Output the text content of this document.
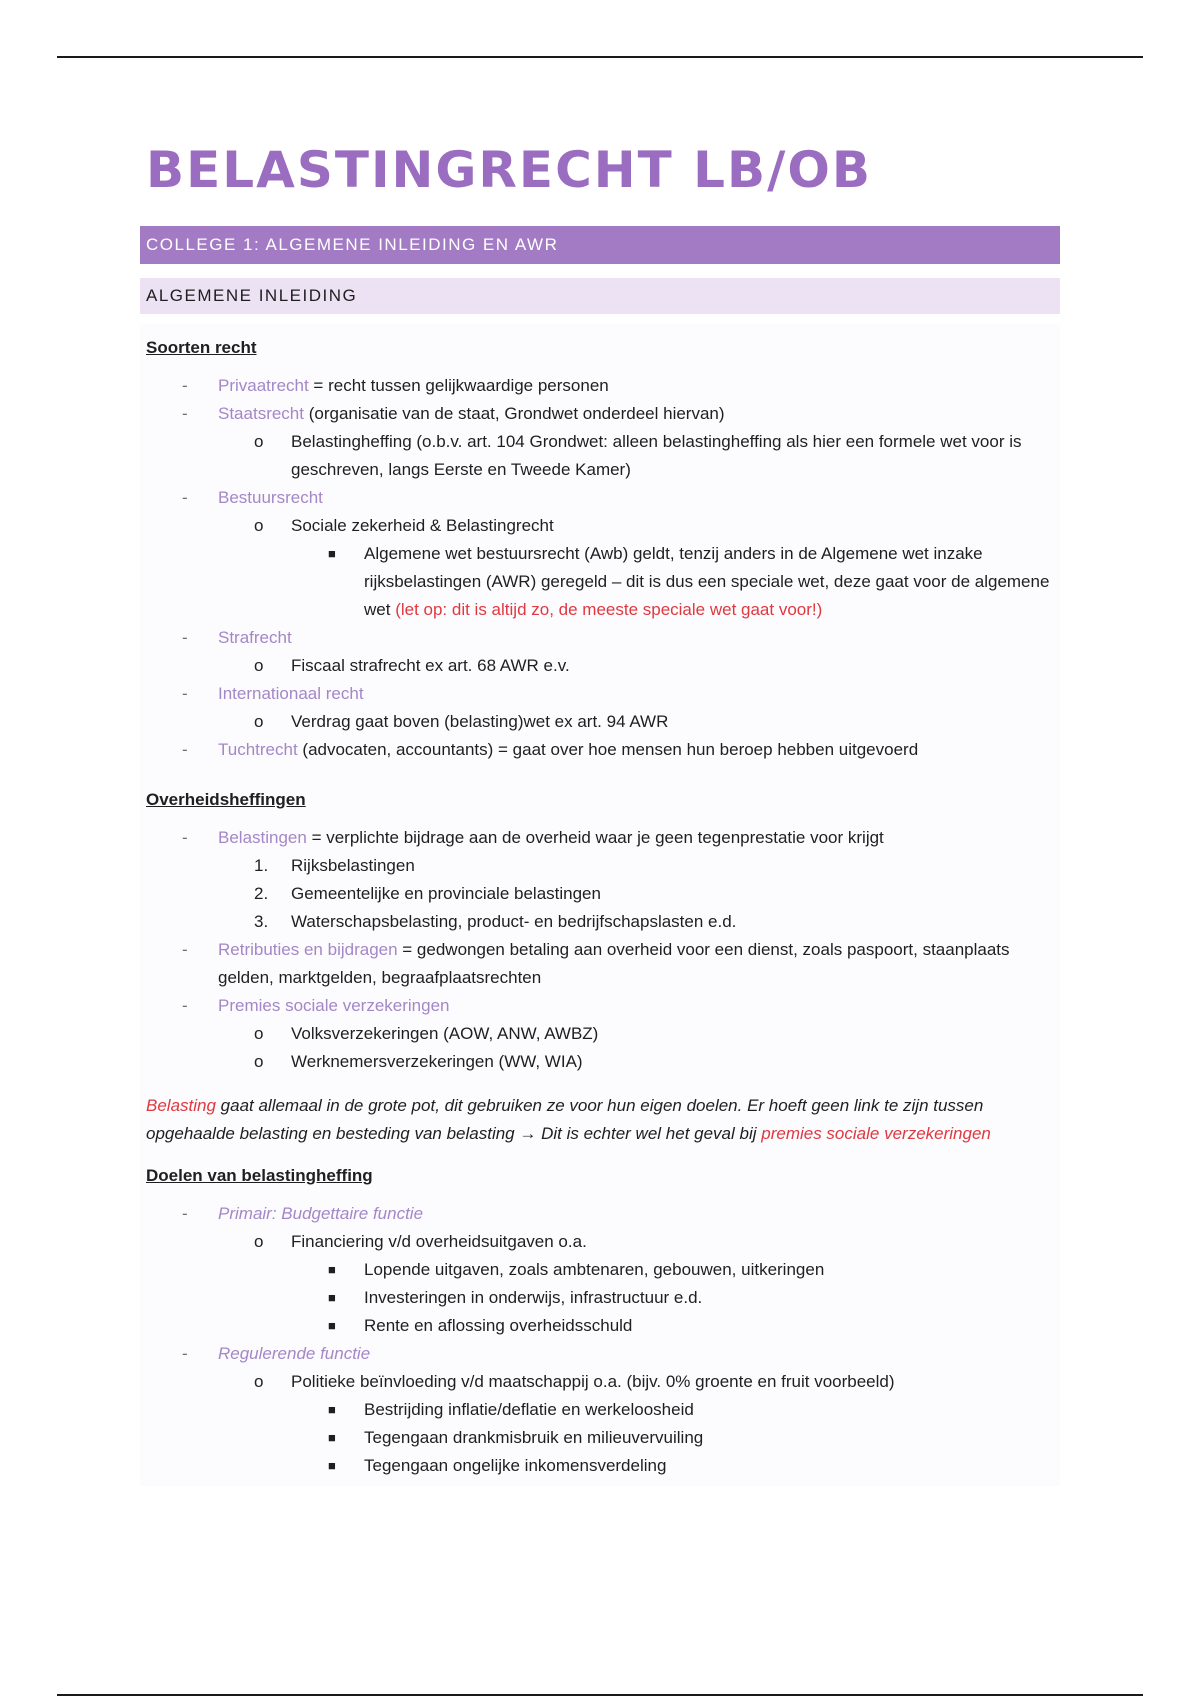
BELASTINGRECHT LB/OB
COLLEGE 1: ALGEMENE INLEIDING EN AWR
ALGEMENE INLEIDING
Soorten recht
- Privaatrecht = recht tussen gelijkwaardige personen
- Staatsrecht (organisatie van de staat, Grondwet onderdeel hiervan)
o Belastingheffing (o.b.v. art. 104 Grondwet: alleen belastingheffing als hier een formele wet voor is geschreven, langs Eerste en Tweede Kamer)
- Bestuursrecht
o Sociale zekerheid & Belastingrecht
■ Algemene wet bestuursrecht (Awb) geldt, tenzij anders in de Algemene wet inzake rijksbelastingen (AWR) geregeld – dit is dus een speciale wet, deze gaat voor de algemene wet (let op: dit is altijd zo, de meeste speciale wet gaat voor!)
- Strafrecht
o Fiscaal strafrecht ex art. 68 AWR e.v.
- Internationaal recht
o Verdrag gaat boven (belasting)wet ex art. 94 AWR
- Tuchtrecht (advocaten, accountants) = gaat over hoe mensen hun beroep hebben uitgevoerd
Overheidsheffingen
- Belastingen = verplichte bijdrage aan de overheid waar je geen tegenprestatie voor krijgt
1. Rijksbelastingen
2. Gemeentelijke en provinciale belastingen
3. Waterschapsbelasting, product- en bedrijfschapslasten e.d.
- Retributies en bijdragen = gedwongen betaling aan overheid voor een dienst, zoals paspoort, staanplaats gelden, marktgelden, begraafplaatsrechten
- Premies sociale verzekeringen
o Volksverzekeringen (AOW, ANW, AWBZ)
o Werknemersverzekeringen (WW, WIA)
Belasting gaat allemaal in de grote pot, dit gebruiken ze voor hun eigen doelen. Er hoeft geen link te zijn tussen opgehaalde belasting en besteding van belasting → Dit is echter wel het geval bij premies sociale verzekeringen
Doelen van belastingheffing
- Primair: Budgettaire functie
o Financiering v/d overheidsuitgaven o.a.
■ Lopende uitgaven, zoals ambtenaren, gebouwen, uitkeringen
■ Investeringen in onderwijs, infrastructuur e.d.
■ Rente en aflossing overheidsschuld
- Regulerende functie
o Politieke beïnvloeding v/d maatschappij o.a. (bijv. 0% groente en fruit voorbeeld)
■ Bestrijding inflatie/deflatie en werkeloosheid
■ Tegengaan drankmisbruik en milieuvervuiling
■ Tegengaan ongelijke inkomensverdeling
